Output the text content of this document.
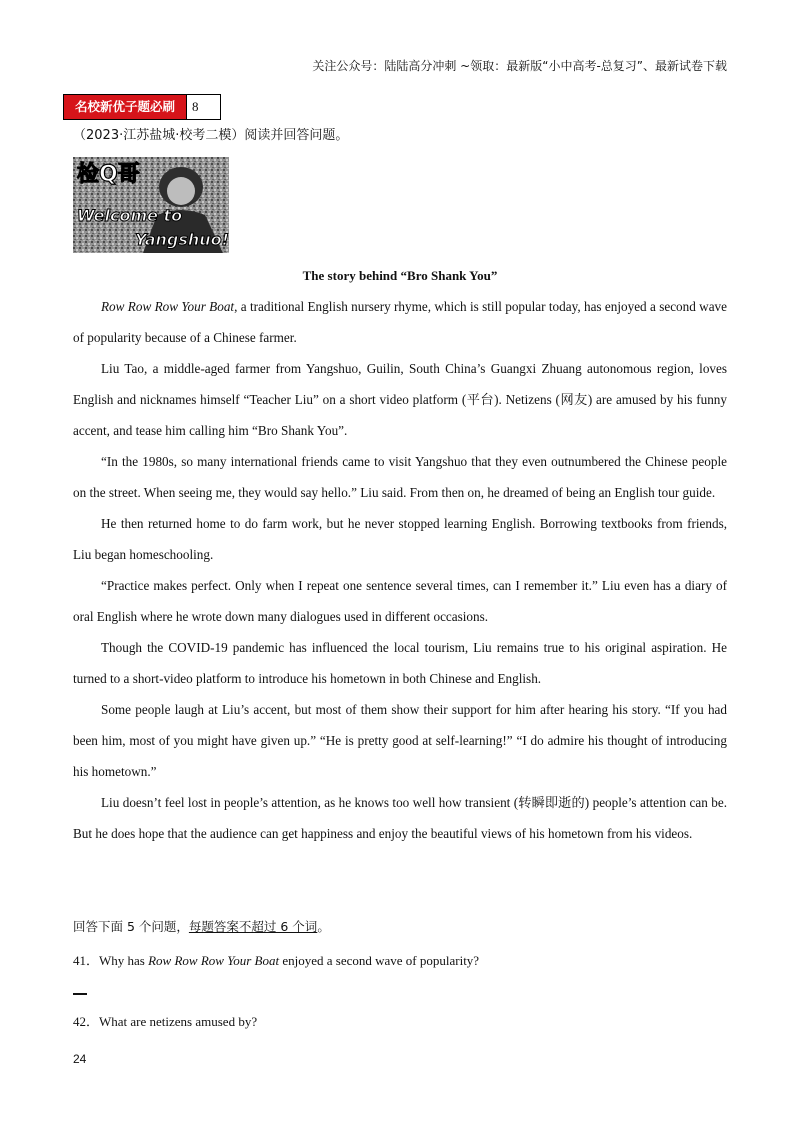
关注公众号：陆陆高分冲刺 ~领取：最新版“小中高考-总复习”、最新试卷下载
名校新优子题必刷	8
（2023·江苏盐城·校考二模）阅读并回答问题。
检Q哥
Welcome to
Yangshuo!
The story behind “Bro Shank You”

Row Row Row Your Boat, a traditional English nursery rhyme, which is still popular today, has enjoyed a second wave of popularity because of a Chinese farmer.

Liu Tao, a middle-aged farmer from Yangshuo, Guilin, South China’s Guangxi Zhuang autonomous region, loves English and nicknames himself “Teacher Liu” on a short video platform (平台). Netizens (网友) are amused by his funny accent, and tease him calling him “Bro Shank You”.

“In the 1980s, so many international friends came to visit Yangshuo that they even outnumbered the Chinese people on the street. When seeing me, they would say hello.” Liu said. From then on, he dreamed of being an English tour guide.

He then returned home to do farm work, but he never stopped learning English. Borrowing textbooks from friends, Liu began homeschooling.

“Practice makes perfect. Only when I repeat one sentence several times, can I remember it.” Liu even has a diary of oral English where he wrote down many dialogues used in different occasions.

Though the COVID-19 pandemic has influenced the local tourism, Liu remains true to his original aspiration. He turned to a short-video platform to introduce his hometown in both Chinese and English.

Some people laugh at Liu’s accent, but most of them show their support for him after hearing his story. “If you had been him, most of you might have given up.” “He is pretty good at self-learning!” “I do admire his thought of introducing his hometown.”

Liu doesn’t feel lost in people’s attention, as he knows too well how transient (转瞬即逝的) people’s attention can be. But he does hope that the audience can get happiness and enjoy the beautiful views of his hometown from his videos.

回答下面 5 个问题，每题答案不超过 6 个词。
41．Why has Row Row Row Your Boat enjoyed a second wave of popularity?
42．What are netizens amused by?
24
